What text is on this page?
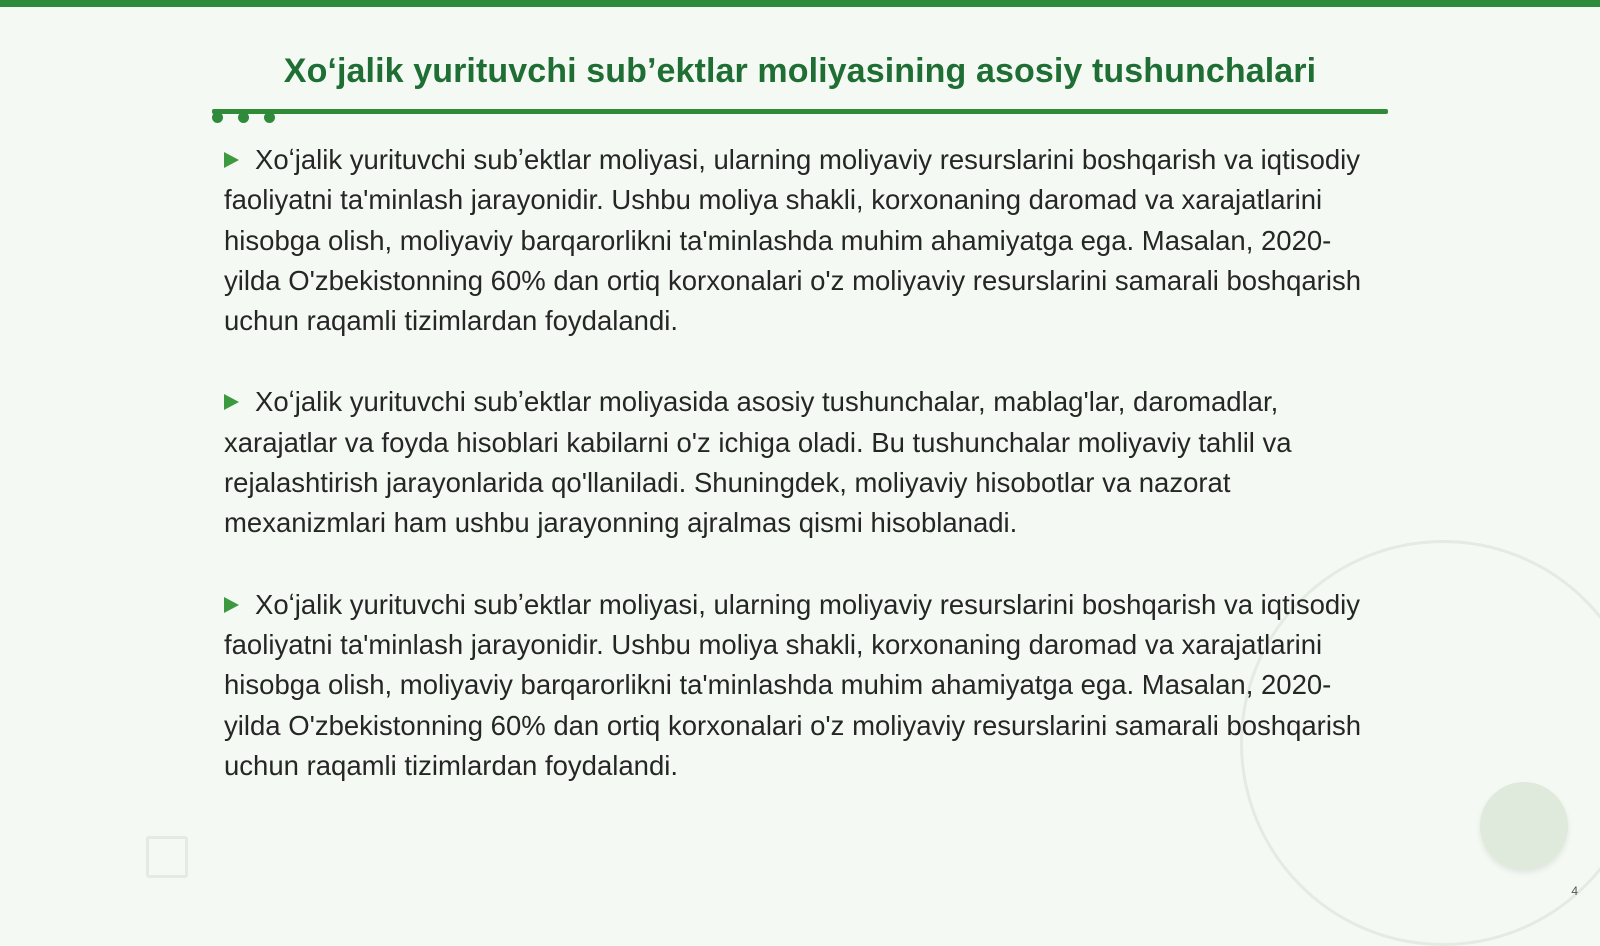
Xoʻjalik yurituvchi subʼektlar moliyasining asosiy tushunchalari

Xoʻjalik yurituvchi subʼektlar moliyasi, ularning moliyaviy resurslarini boshqarish va iqtisodiy faoliyatni ta'minlash jarayonidir. Ushbu moliya shakli, korxonaning daromad va xarajatlarini hisobga olish, moliyaviy barqarorlikni ta'minlashda muhim ahamiyatga ega. Masalan, 2020-yilda O'zbekistonning 60% dan ortiq korxonalari o'z moliyaviy resurslarini samarali boshqarish uchun raqamli tizimlardan foydalandi.

Xoʻjalik yurituvchi subʼektlar moliyasida asosiy tushunchalar, mablag'lar, daromadlar, xarajatlar va foyda hisoblari kabilarni o'z ichiga oladi. Bu tushunchalar moliyaviy tahlil va rejalashtirish jarayonlarida qo'llaniladi. Shuningdek, moliyaviy hisobotlar va nazorat mexanizmlari ham ushbu jarayonning ajralmas qismi hisoblanadi.

Xoʻjalik yurituvchi subʼektlar moliyasi, ularning moliyaviy resurslarini boshqarish va iqtisodiy faoliyatni ta'minlash jarayonidir. Ushbu moliya shakli, korxonaning daromad va xarajatlarini hisobga olish, moliyaviy barqarorlikni ta'minlashda muhim ahamiyatga ega. Masalan, 2020-yilda O'zbekistonning 60% dan ortiq korxonalari o'z moliyaviy resurslarini samarali boshqarish uchun raqamli tizimlardan foydalandi.

4
